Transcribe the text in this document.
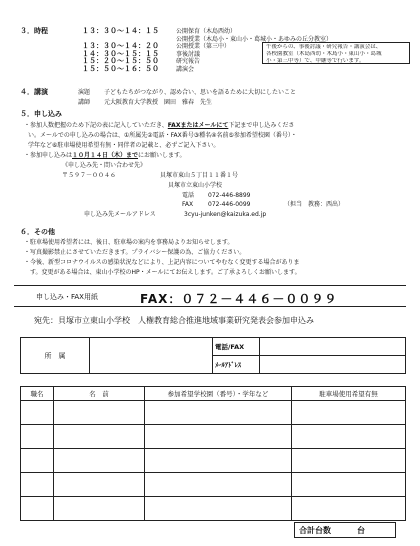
３．時程	１３：３０～１４：１５	公開保育（木島西幼）
公開授業（木島小・東山小・葛城小・あゆみの丘分教室）
１３：３０～１４：２０	公開授業（第三中）
１４：３０～１５：１５	事後討議
１５：２０～１５：５０	研究報告
１５：５０～１６：５０	講演会
午後からの、事後討議・研究報告・講演会は、
各校園教室（木島西幼・木島小・東山小・葛城
小・第三中等）で、中継等で行います。
４．講演	演題 子どもたちがつながり、認め合い、思いを語るために大切にしたいこと
講師 元大阪教育大学教授　園田　雅春　先生
５．申し込み
・参加人数把握のため下記の表に記入していただき、FAXまたはメールにて下記まで申し込みくださ
い。メールでの申し込みの場合は、①所属先②電話・FAX番号③種名④名前⑤参加希望校園（番号）・
学年など⑥駐車場使用希望有無・同伴者の記載と、必ずご記入下さい。
・参加申し込みは１０月１４日（木）までにお願いします。
《申し込み先・問い合わせ先》
〒５９７－００４６	貝塚市東山５丁目１１番１号
貝塚市立東山小学校
電話 072-446-8899
FAX 072-446-0099	（担当　教務：西出）
申し込み先メールアドレス	3cyu-junken@kaizuka.ed.jp
６．その他
・駐車場使用希望者には、後日、駐車場の案内を事務局よりお知らせします。
・写真撮影禁止にさせていただきます。プライバシー保護の為、ご協力ください。
・今後、新型コロナウイルスの感染状況などにより、上記内容についてやむなく変更する場合がありま
す。変更がある場合は、東山小学校のHP・メールにてお伝えします。ご了承よろしくお願いします。
申し込み・FAX用紙	FAX：０７２－４４６－００９９
宛先：貝塚市立東山小学校　人権教育総合推進地域事業研究発表会参加申込み
所　属		電話/FAX	
		ﾒｰﾙｱﾄﾞﾚｽ	
職名	名　前	参加希望学校園（番号）・学年など	駐車場使用希望有無

合計台数	台
